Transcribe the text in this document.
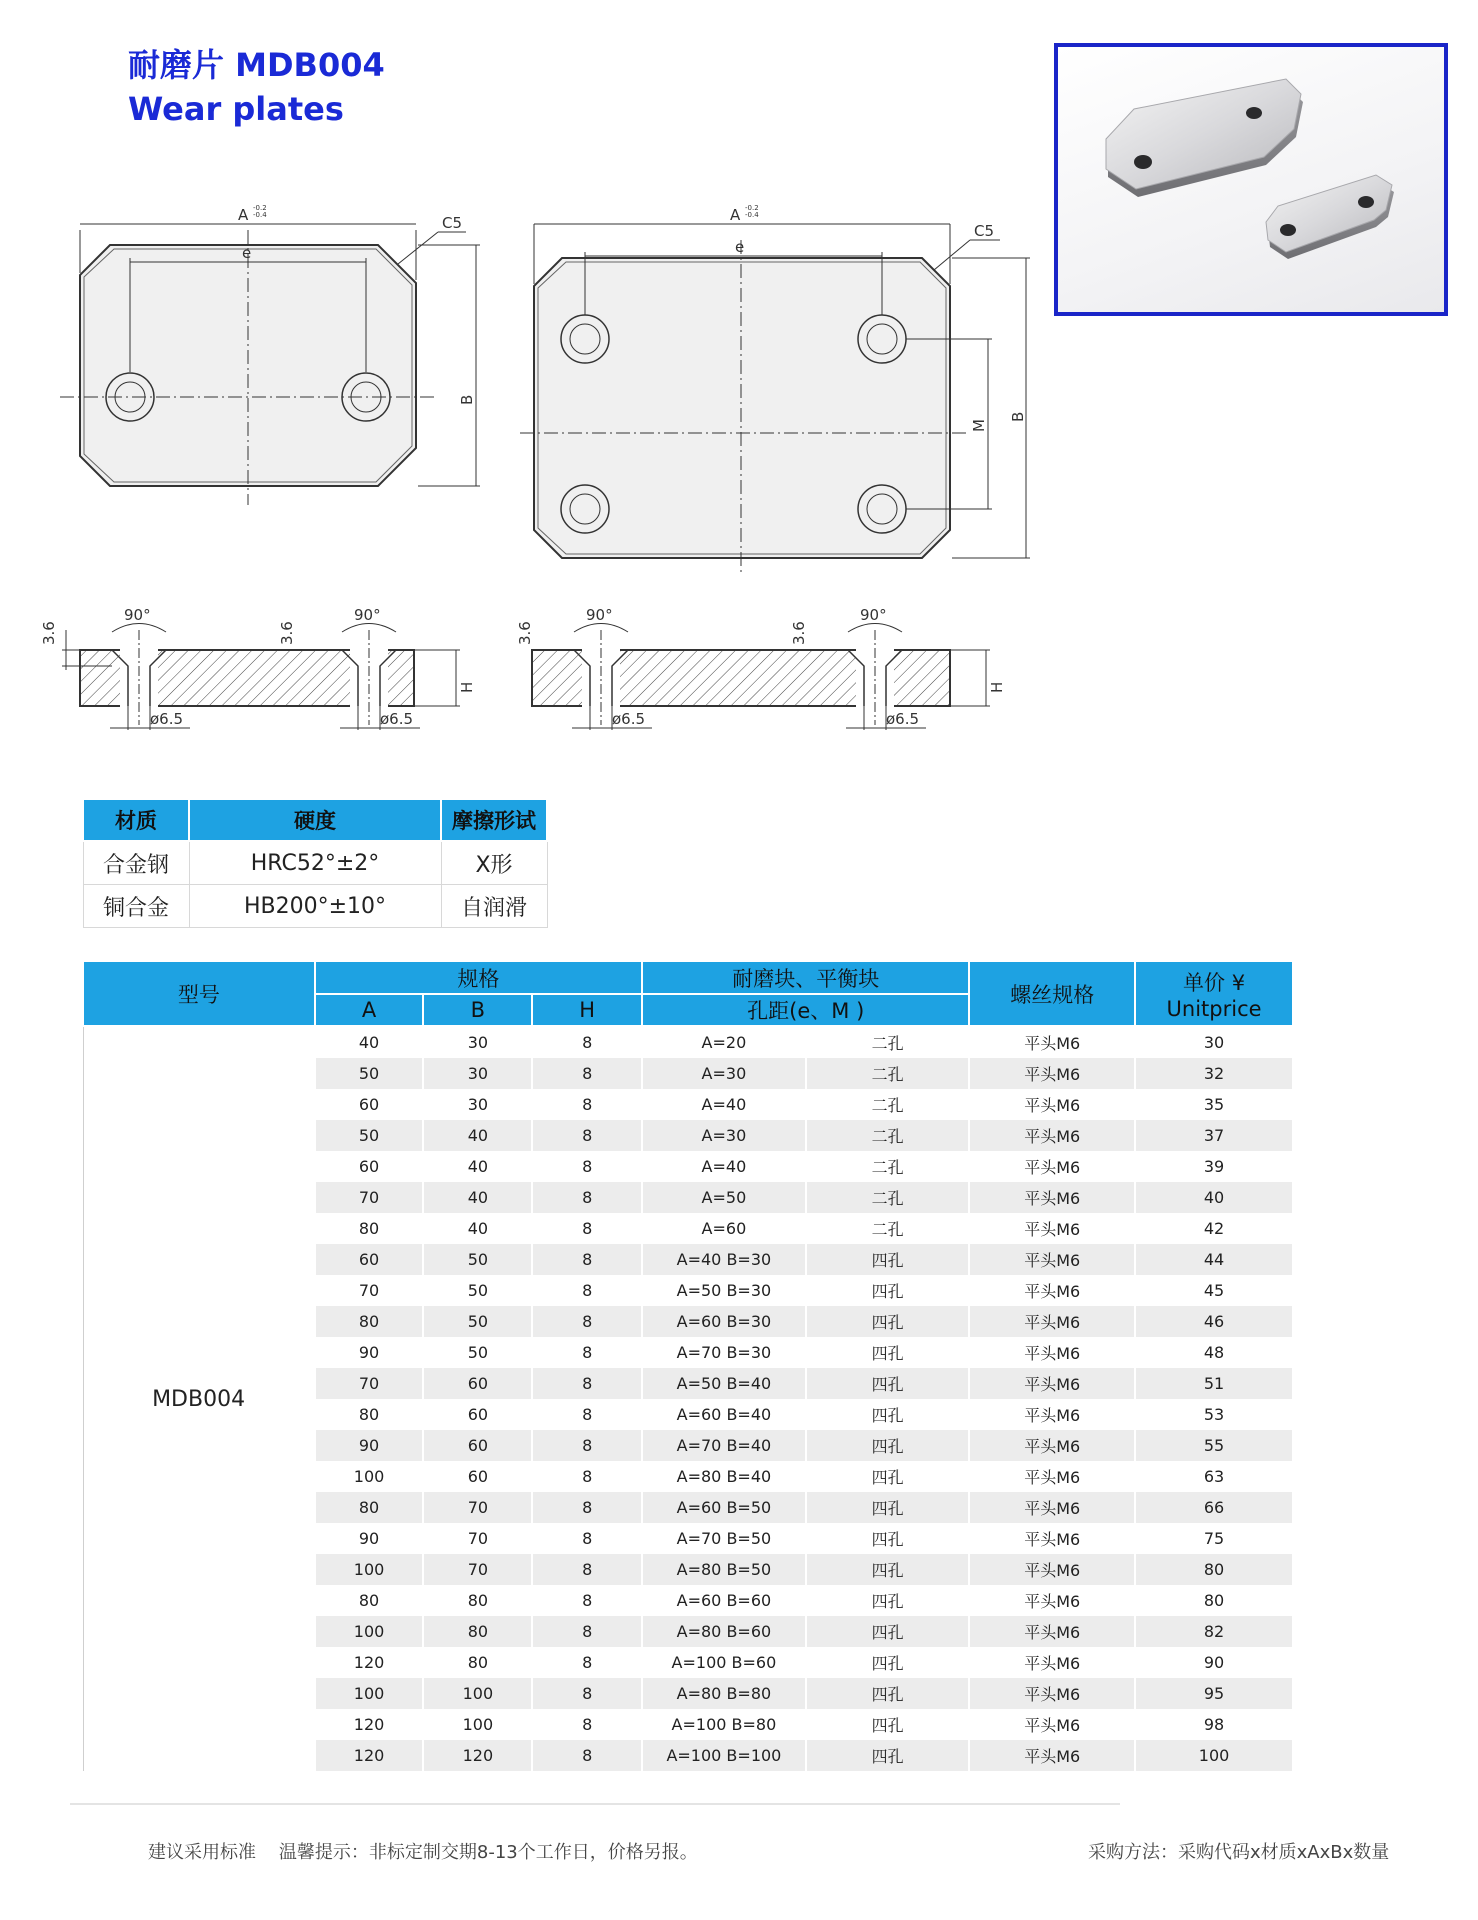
耐磨片 MDB004
Wear plates
A -0.2
-0.4
e
C5
B
A -0.2
-0.4
e
C5
M
B
90°	90°
3.6	3.6
ø6.5	ø6.5
H
90°	90°
3.6	3.6
ø6.5	ø6.5
H
材质	硬度	摩擦形试
合金钢	HRC52°±2°	X形
铜合金	HB200°±10°	自润滑
型号	规格			耐磨块、平衡块		螺丝规格	单价 ¥
Unitprice

	A	B	H	孔距(e、M )			
MDB004	40	30	8	A=20	二孔	平头M6	30
	50	30	8	A=30	二孔	平头M6	32
	60	30	8	A=40	二孔	平头M6	35
	50	40	8	A=30	二孔	平头M6	37
	60	40	8	A=40	二孔	平头M6	39
	70	40	8	A=50	二孔	平头M6	40
	80	40	8	A=60	二孔	平头M6	42
	60	50	8	A=40 B=30	四孔	平头M6	44
	70	50	8	A=50 B=30	四孔	平头M6	45
	80	50	8	A=60 B=30	四孔	平头M6	46
	90	50	8	A=70 B=30	四孔	平头M6	48
	70	60	8	A=50 B=40	四孔	平头M6	51
	80	60	8	A=60 B=40	四孔	平头M6	53
	90	60	8	A=70 B=40	四孔	平头M6	55
	100	60	8	A=80 B=40	四孔	平头M6	63
	80	70	8	A=60 B=50	四孔	平头M6	66
	90	70	8	A=70 B=50	四孔	平头M6	75
	100	70	8	A=80 B=50	四孔	平头M6	80
	80	80	8	A=60 B=60	四孔	平头M6	80
	100	80	8	A=80 B=60	四孔	平头M6	82
	120	80	8	A=100 B=60	四孔	平头M6	90
	100	100	8	A=80 B=80	四孔	平头M6	95
	120	100	8	A=100 B=80	四孔	平头M6	98
	120	120	8	A=100 B=100	四孔	平头M6	100
建议采用标准    温馨提示：非标定制交期8-13个工作日，价格另报。	采购方法：采购代码x材质xAxBx数量
